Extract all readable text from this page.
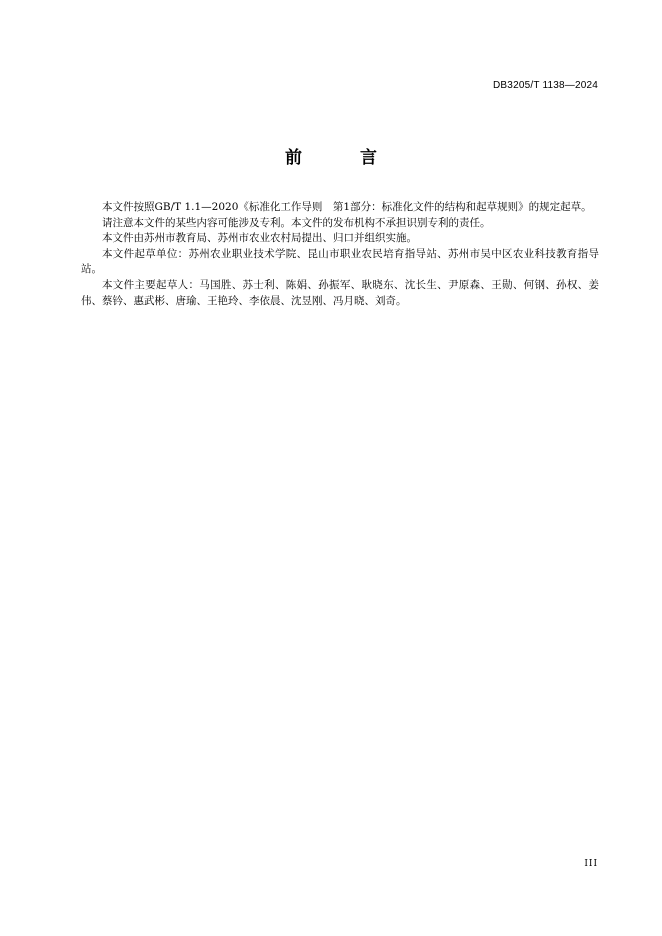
DB3205/T 1138—2024
前 言

本文件按照GB/T 1.1—2020《标准化工作导则　第1部分：标准化文件的结构和起草规则》的规定起草。

请注意本文件的某些内容可能涉及专利。本文件的发布机构不承担识别专利的责任。

本文件由苏州市教育局、苏州市农业农村局提出、归口并组织实施。

本文件起草单位：苏州农业职业技术学院、昆山市职业农民培育指导站、苏州市吴中区农业科技教育指导站。

本文件主要起草人：马国胜、苏士利、陈娟、孙振军、耿晓东、沈长生、尹原森、王勋、何钢、孙权、姜伟、蔡钤、惠武彬、唐瑜、王艳玲、李依晨、沈昱刚、冯月晓、刘奇。

III
